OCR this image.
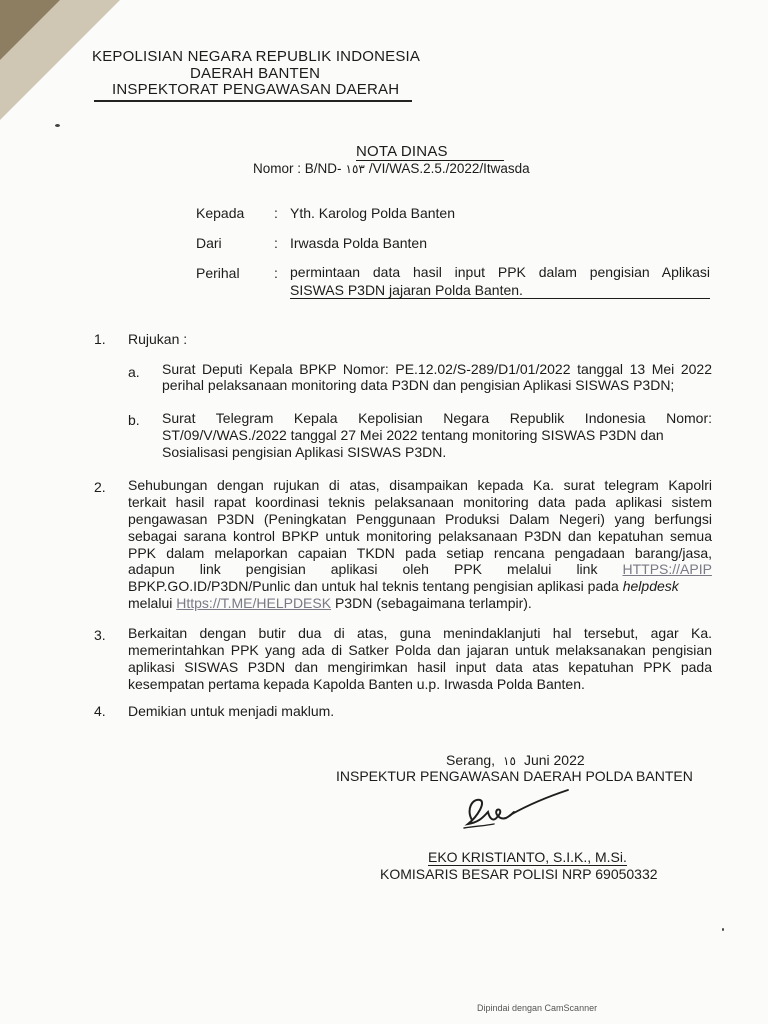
KEPOLISIAN NEGARA REPUBLIK INDONESIA
DAERAH BANTEN
INSPEKTORAT PENGAWASAN DAERAH
NOTA DINAS
Nomor : B/ND- ١٥٣ /VI/WAS.2.5./2022/Itwasda
Kepada : Yth. Karolog Polda Banten
Dari	: Irwasda Polda Banten
Perihal : permintaan data hasil input PPK dalam pengisian Aplikasi
SISWAS P3DN jajaran Polda Banten.
1. Rujukan :
a. Surat Deputi Kepala BPKP Nomor: PE.12.02/S-289/D1/01/2022 tanggal 13 Mei 2022
perihal pelaksanaan monitoring data P3DN dan pengisian Aplikasi SISWAS P3DN;
b. Surat Telegram Kepala Kepolisian Negara Republik Indonesia Nomor:
ST/09/V/WAS./2022 tanggal 27 Mei 2022 tentang monitoring SISWAS P3DN dan
Sosialisasi pengisian Aplikasi SISWAS P3DN.
2. Sehubungan dengan rujukan di atas, disampaikan kepada Ka. surat telegram Kapolri
terkait hasil rapat koordinasi teknis pelaksanaan monitoring data pada aplikasi sistem
pengawasan P3DN (Peningkatan Penggunaan Produksi Dalam Negeri) yang berfungsi
sebagai sarana kontrol BPKP untuk monitoring pelaksanaan P3DN dan kepatuhan semua
PPK dalam melaporkan capaian TKDN pada setiap rencana pengadaan barang/jasa,
adapun link pengisian aplikasi oleh PPK melalui link HTTPS://APIP
BPKP.GO.ID/P3DN/Punlic dan untuk hal teknis tentang pengisian aplikasi pada helpdesk
melalui Https://T.ME/HELPDESK P3DN (sebagaimana terlampir).
3. Berkaitan dengan butir dua di atas, guna menindaklanjuti hal tersebut, agar Ka.
memerintahkan PPK yang ada di Satker Polda dan jajaran untuk melaksanakan pengisian
aplikasi SISWAS P3DN dan mengirimkan hasil input data atas kepatuhan PPK pada
kesempatan pertama kepada Kapolda Banten u.p. Irwasda Polda Banten.
4. Demikian untuk menjadi maklum.
Serang, ١٥ Juni 2022
INSPEKTUR PENGAWASAN DAERAH POLDA BANTEN
EKO KRISTIANTO, S.I.K., M.Si.
KOMISARIS BESAR POLISI NRP 69050332
Dipindai dengan CamScanner
